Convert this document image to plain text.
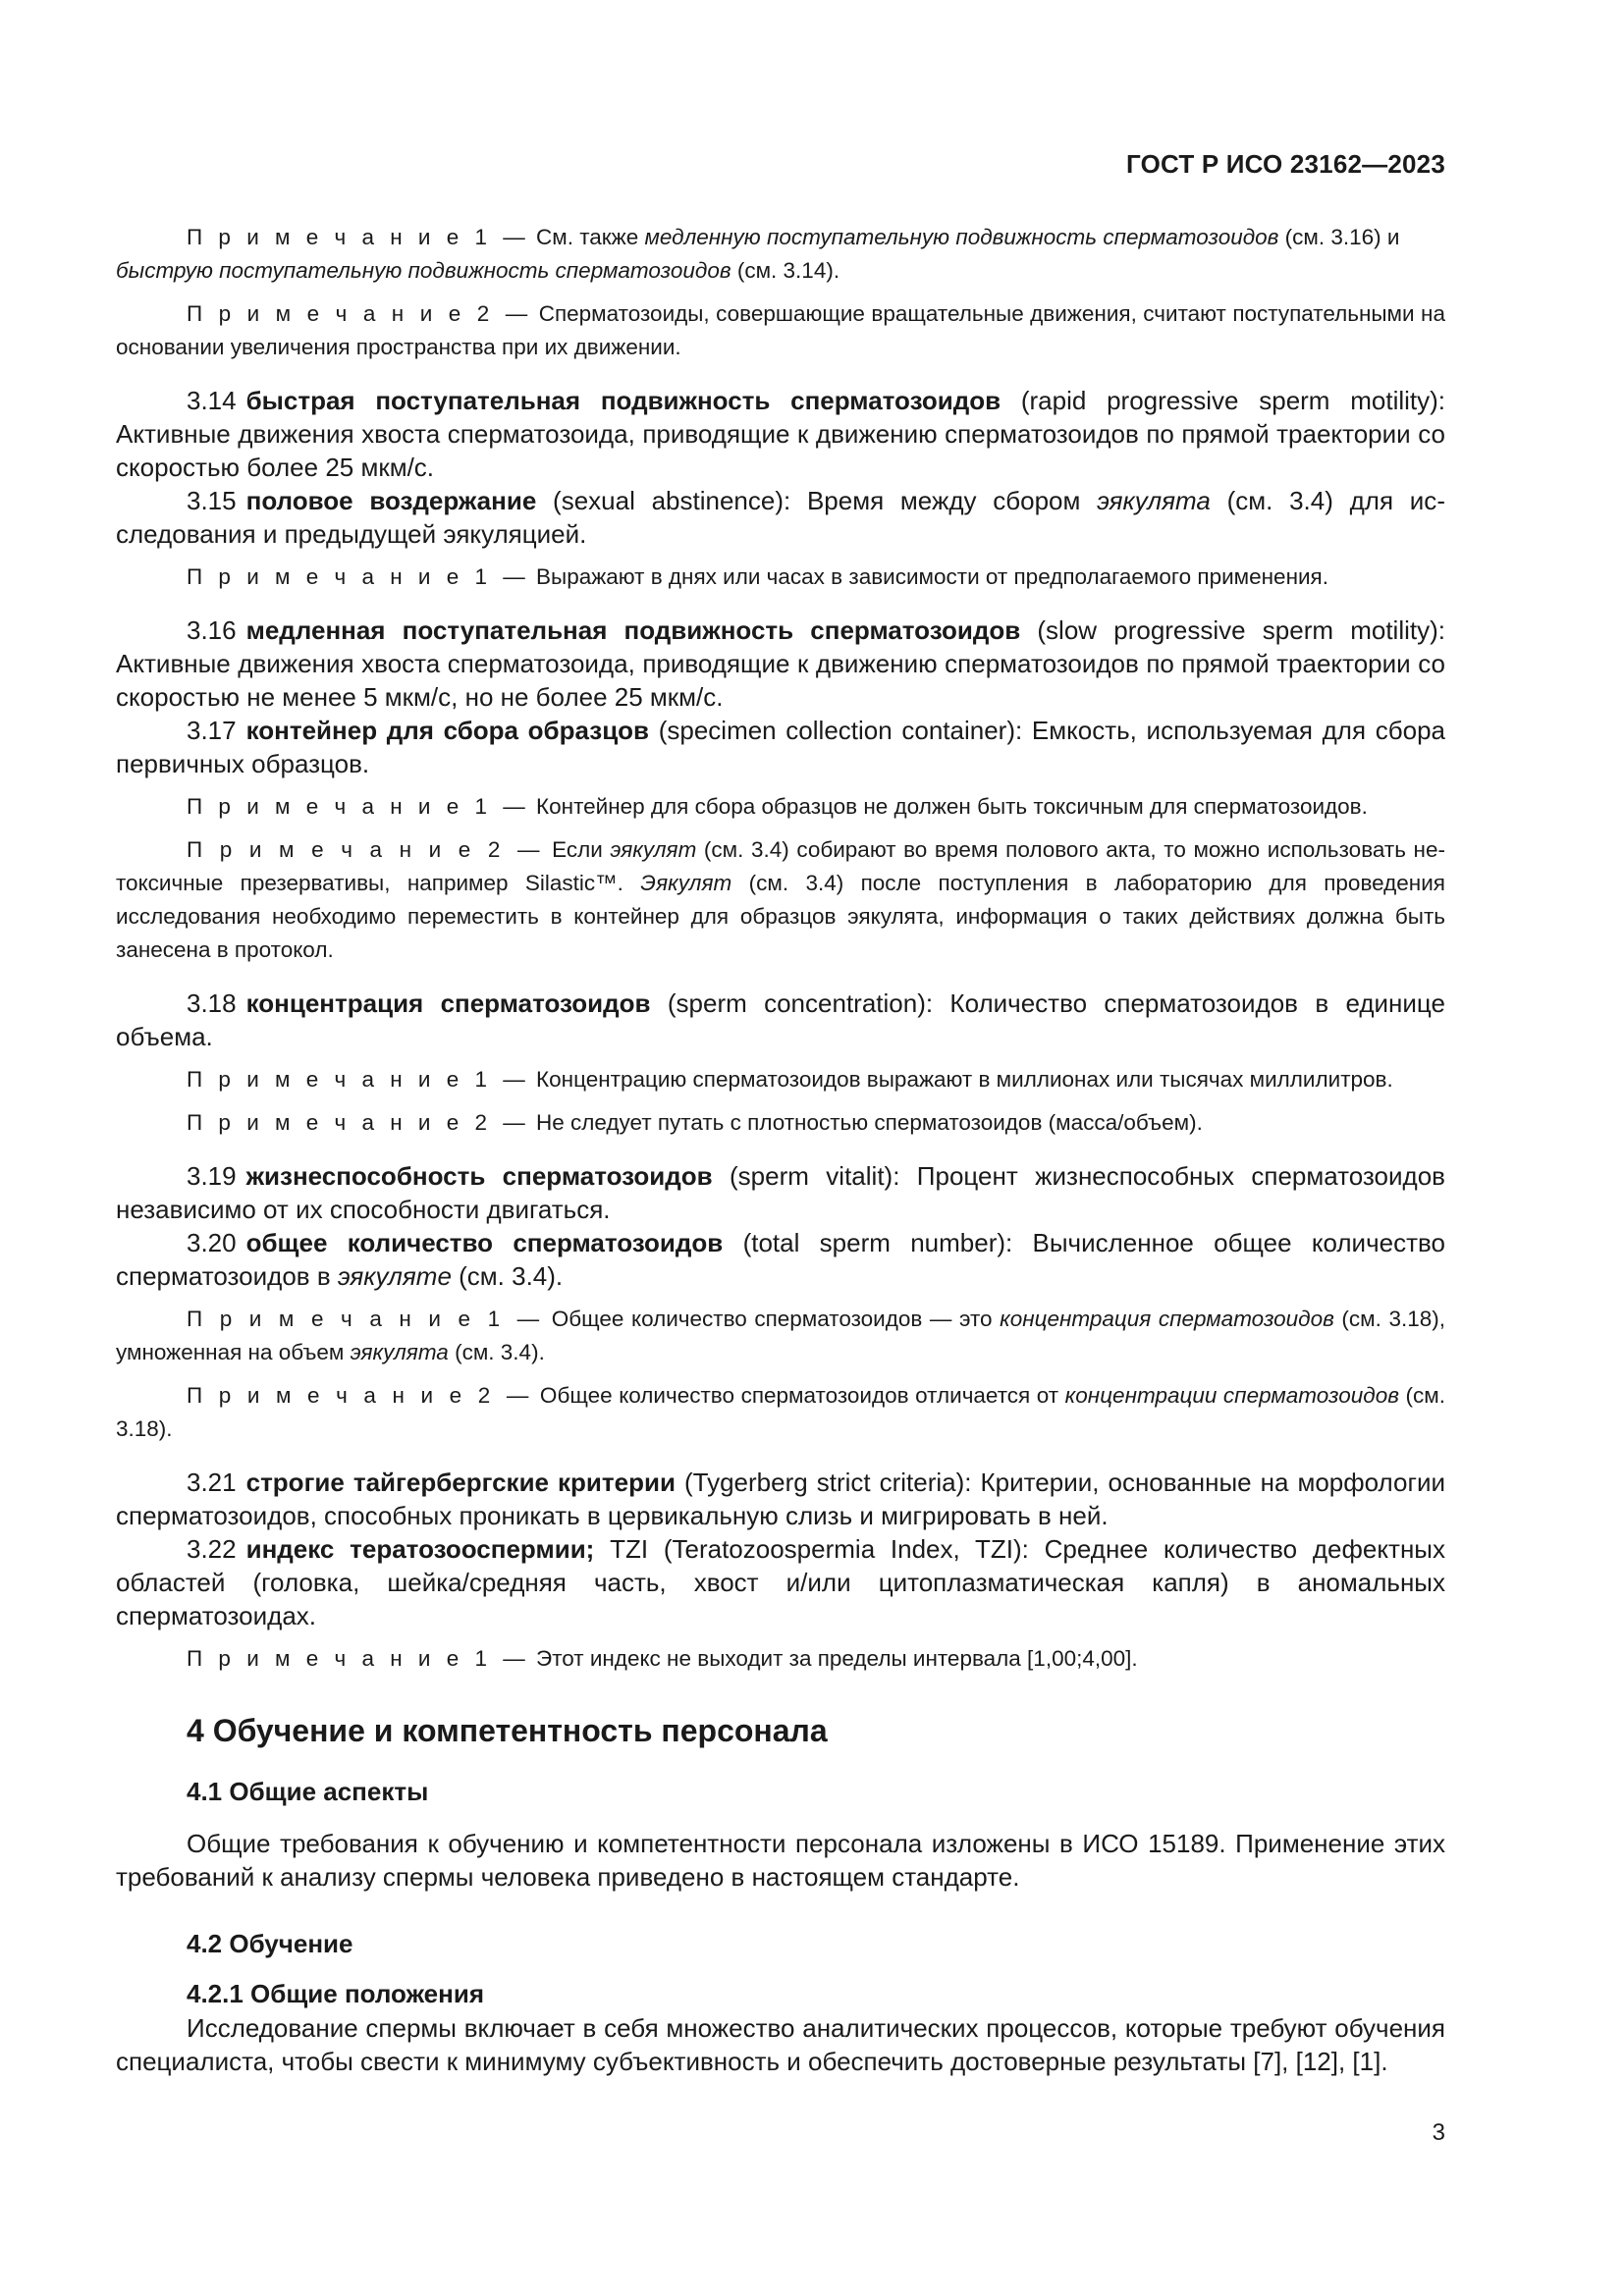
ГОСТ Р ИСО 23162—2023
П р и м е ч а н и е 1 — См. также медленную поступательную подвижность сперматозоидов (см. 3.16) и
быструю поступательную подвижность сперматозоидов (см. 3.14).
П р и м е ч а н и е 2 — Сперматозоиды, совершающие вращательные движения, считают поступательными на основании увеличения пространства при их движении.
3.14 быстрая поступательная подвижность сперматозоидов (rapid progressive sperm motility): Активные движения хвоста сперматозоида, приводящие к движению сперматозоидов по прямой траектории со скоростью более 25 мкм/с.
3.15 половое воздержание (sexual abstinence): Время между сбором эякулята (см. 3.4) для исследования и предыдущей эякуляцией.
П р и м е ч а н и е 1 — Выражают в днях или часах в зависимости от предполагаемого применения.
3.16 медленная поступательная подвижность сперматозоидов (slow progressive sperm motility): Активные движения хвоста сперматозоида, приводящие к движению сперматозоидов по прямой траектории со скоростью не менее 5 мкм/с, но не более 25 мкм/с.
3.17 контейнер для сбора образцов (specimen collection container): Емкость, используемая для сбора первичных образцов.
П р и м е ч а н и е 1 — Контейнер для сбора образцов не должен быть токсичным для сперматозоидов.
П р и м е ч а н и е 2 — Если эякулят (см. 3.4) собирают во время полового акта, то можно использовать нетоксичные презервативы, например Silastic™. Эякулят (см. 3.4) после поступления в лабораторию для проведения исследования необходимо переместить в контейнер для образцов эякулята, информация о таких действиях должна быть занесена в протокол.
3.18 концентрация сперматозоидов (sperm concentration): Количество сперматозоидов в единице объема.
П р и м е ч а н и е 1 — Концентрацию сперматозоидов выражают в миллионах или тысячах миллилитров.
П р и м е ч а н и е 2 — Не следует путать с плотностью сперматозоидов (масса/объем).
3.19 жизнеспособность сперматозоидов (sperm vitalit): Процент жизнеспособных сперматозоидов независимо от их способности двигаться.
3.20 общее количество сперматозоидов (total sperm number): Вычисленное общее количество сперматозоидов в эякуляте (см. 3.4).
П р и м е ч а н и е 1 — Общее количество сперматозоидов — это концентрация сперматозоидов (см. 3.18), умноженная на объем эякулята (см. 3.4).
П р и м е ч а н и е 2 — Общее количество сперматозоидов отличается от концентрации сперматозоидов (см. 3.18).
3.21 строгие тайгербергские критерии (Tygerberg strict criteria): Критерии, основанные на морфологии сперматозоидов, способных проникать в цервикальную слизь и мигрировать в ней.
3.22 индекс тератозооспермии; TZI (Teratozoospermia Index, TZI): Среднее количество дефектных областей (головка, шейка/средняя часть, хвост и/или цитоплазматическая капля) в аномальных сперматозоидах.
П р и м е ч а н и е 1 — Этот индекс не выходит за пределы интервала [1,00;4,00].
4 Обучение и компетентность персонала
4.1 Общие аспекты
Общие требования к обучению и компетентности персонала изложены в ИСО 15189. Применение этих требований к анализу спермы человека приведено в настоящем стандарте.
4.2 Обучение
4.2.1 Общие положения
Исследование спермы включает в себя множество аналитических процессов, которые требуют обучения специалиста, чтобы свести к минимуму субъективность и обеспечить достоверные результаты [7], [12], [1].
3
